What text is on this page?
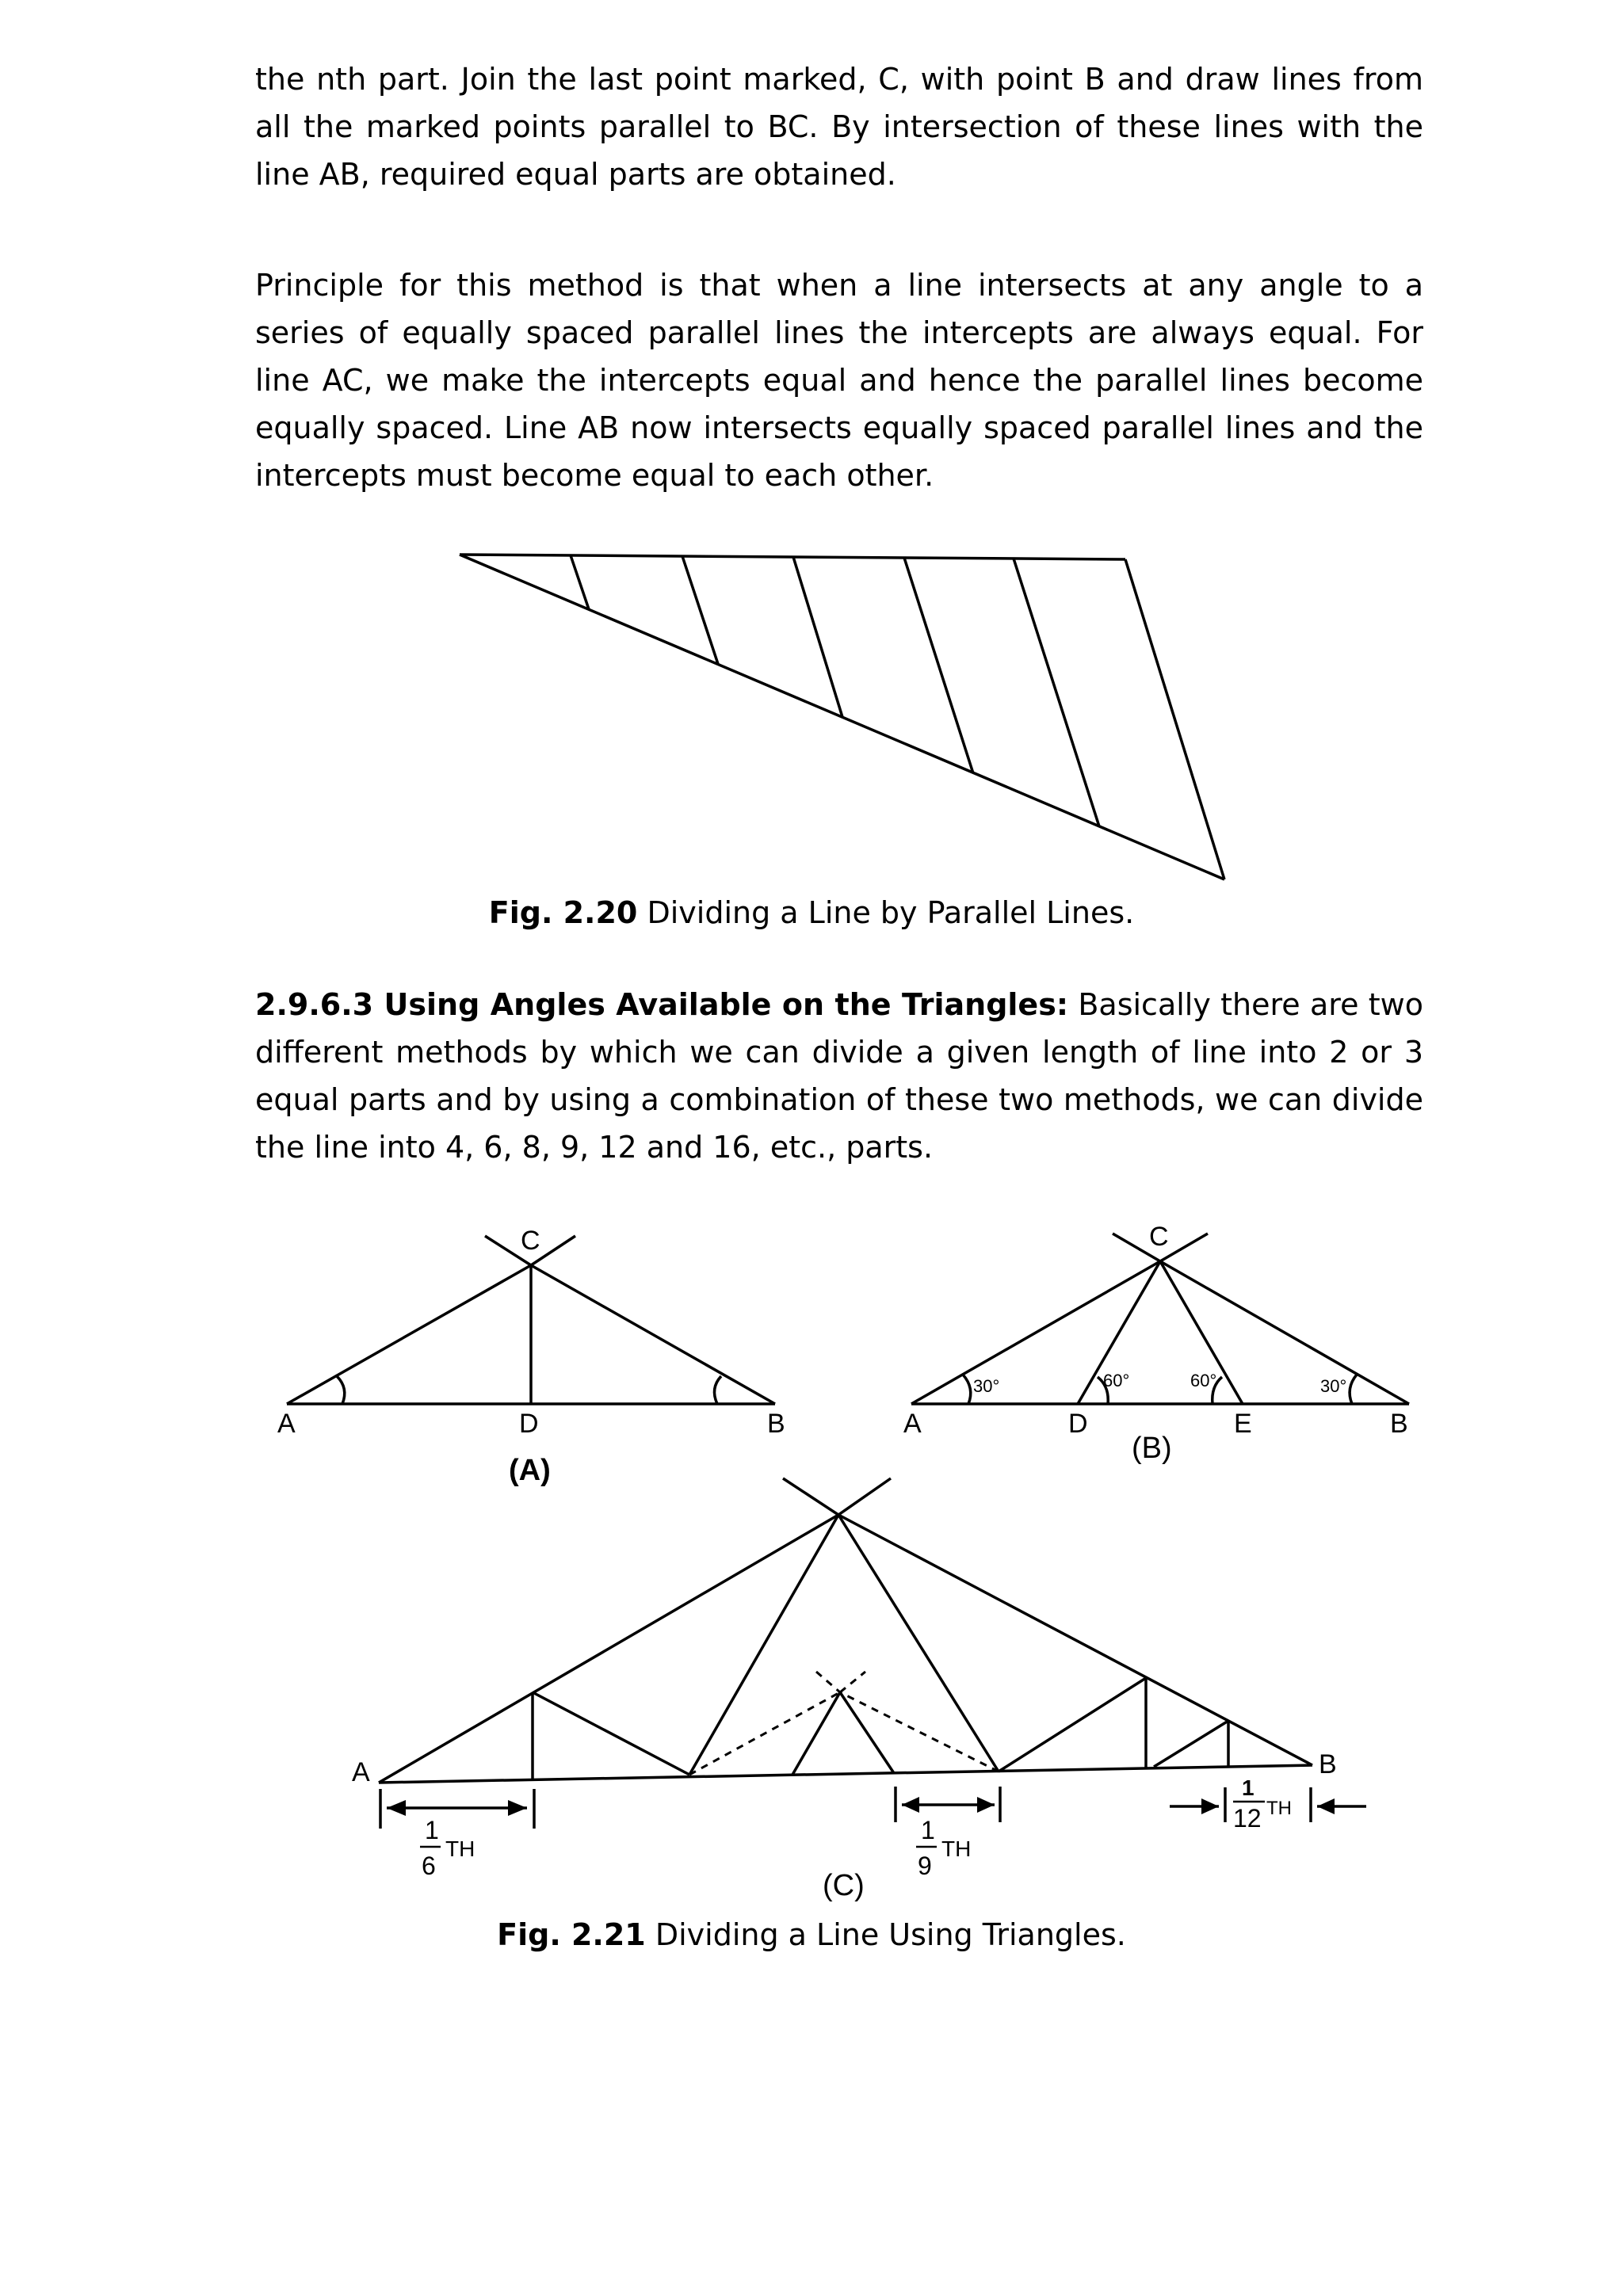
the nth part. Join the last point marked, C, with point B and draw lines from all the marked points parallel to BC. By intersection of these lines with the line AB, required equal parts are obtained.

Principle for this method is that when a line intersects at any angle to a series of equally spaced parallel lines the intercepts are always equal. For line AC, we make the intercepts equal and hence the parallel lines become equally spaced. Line AB now intersects equally spaced parallel lines and the intercepts must become equal to each other.

A	D	B
C
(A)
30°	60°	60°	30°
A	D	E	B
C
(B)
1
6
TH
1
9
TH
1
12 TH
A	B
(C)

Fig. 2.20 Dividing a Line by Parallel Lines.

2.9.6.3 Using Angles Available on the Triangles: Basically there are two different methods by which we can divide a given length of line into 2 or 3 equal parts and by using a combination of these two methods, we can divide the line into 4, 6, 8, 9, 12 and 16, etc., parts.

Fig. 2.21 Dividing a Line Using Triangles.
